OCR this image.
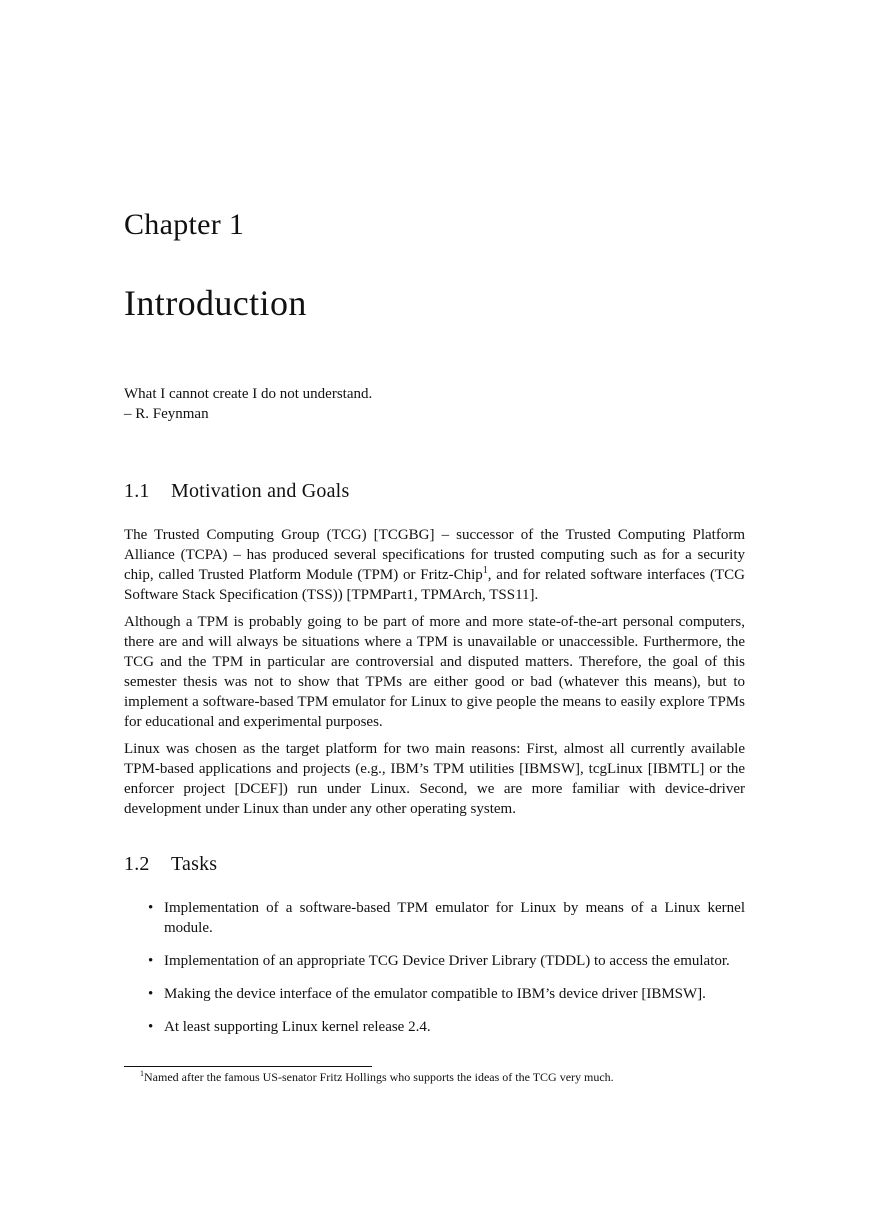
Chapter 1
Introduction
What I cannot create I do not understand.
– R. Feynman
1.1 Motivation and Goals

The Trusted Computing Group (TCG) [TCGBG] – successor of the Trusted Computing Platform Alliance (TCPA) – has produced several specifications for trusted computing such as for a security chip, called Trusted Platform Module (TPM) or Fritz-Chip$^1$, and for related software interfaces (TCG Software Stack Specification (TSS)) [TPMPart1, TPMArch, TSS11].

Although a TPM is probably going to be part of more and more state-of-the-art personal computers, there are and will always be situations where a TPM is unavailable or unaccessible. Furthermore, the TCG and the TPM in particular are controversial and disputed matters. Therefore, the goal of this semester thesis was not to show that TPMs are either good or bad (whatever this means), but to implement a software-based TPM emulator for Linux to give people the means to easily explore TPMs for educational and experimental purposes.

Linux was chosen as the target platform for two main reasons: First, almost all currently available TPM-based applications and projects (e.g., IBM’s TPM utilities [IBMSW], tcgLinux [IBMTL] or the enforcer project [DCEF]) run under Linux. Second, we are more familiar with device-driver development under Linux than under any other operating system.

1.2 Tasks
• Implementation of a software-based TPM emulator for Linux by means of a Linux kernel module.
• Implementation of an appropriate TCG Device Driver Library (TDDL) to access the emulator.
• Making the device interface of the emulator compatible to IBM’s device driver [IBMSW].
• At least supporting Linux kernel release 2.4.
$^1$Named after the famous US-senator Fritz Hollings who supports the ideas of the TCG very much.
